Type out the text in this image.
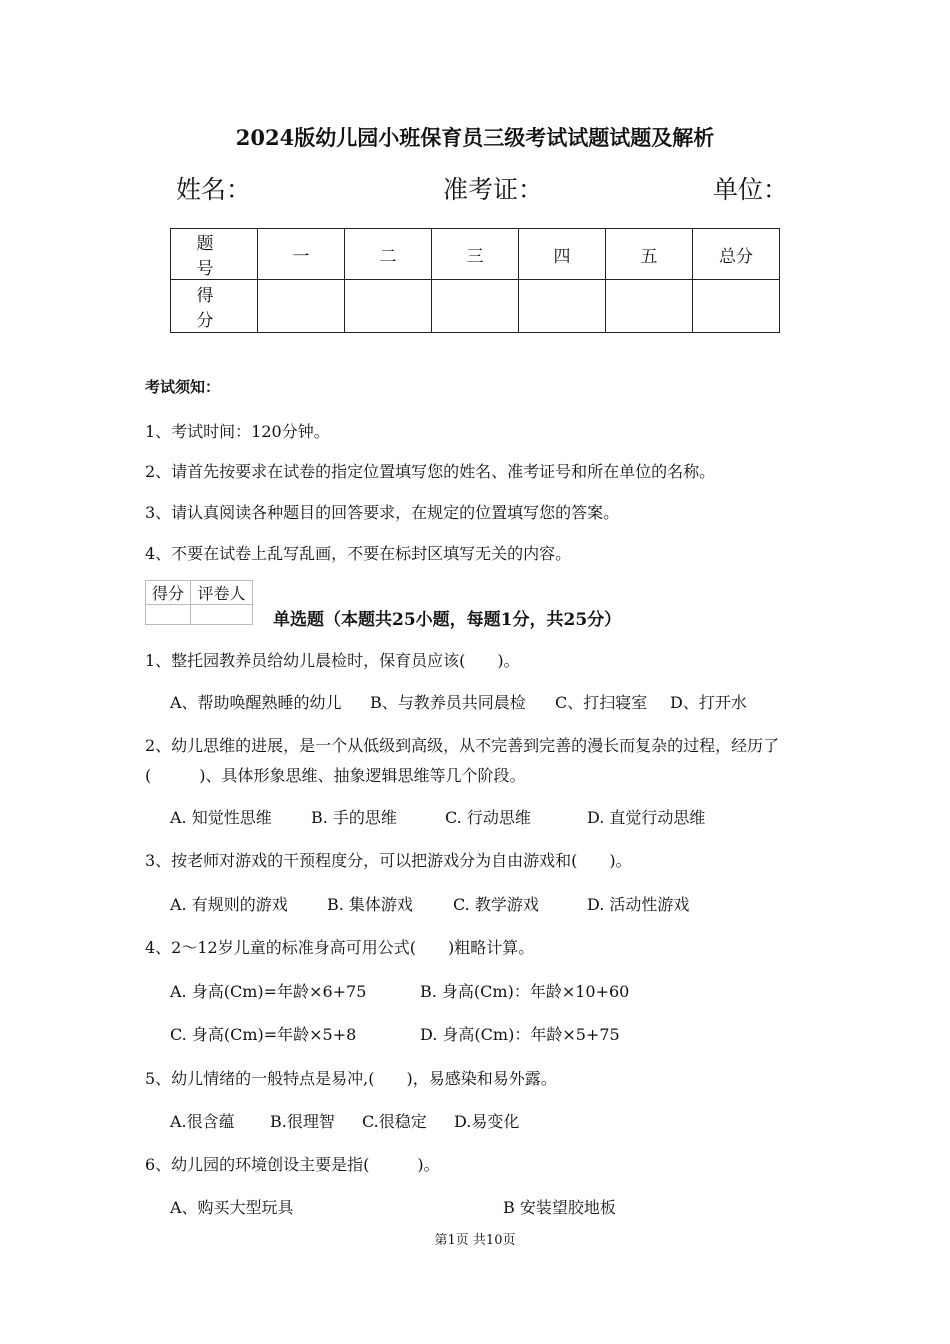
2024版幼儿园小班保育员三级考试试题试题及解析
姓名：	准考证：	单位：
题　号	一	二	三	四	五	总分
得　分						
考试须知：
1、考试时间：120分钟。
2、请首先按要求在试卷的指定位置填写您的姓名、准考证号和所在单位的名称。
3、请认真阅读各种题目的回答要求，在规定的位置填写您的答案。
4、不要在试卷上乱写乱画，不要在标封区填写无关的内容。
得分	评卷人

单选题（本题共25小题，每题1分，共25分）
1、整托园教养员给幼儿晨检时，保育员应该(　　)。
A、帮助唤醒熟睡的幼儿 B、与教养员共同晨检 C、打扫寝室 D、打开水
2、幼儿思维的进展，是一个从低级到高级，从不完善到完善的漫长而复杂的过程，经历了
(　　　)、具体形象思维、抽象逻辑思维等几个阶段。
A. 知觉性思维 B. 手的思维	C. 行动思维	D. 直觉行动思维
3、按老师对游戏的干预程度分，可以把游戏分为自由游戏和(　　)。
A. 有规则的游戏 B. 集体游戏	C. 教学游戏	D. 活动性游戏
4、2～12岁儿童的标准身高可用公式(　　)粗略计算。
A. 身高(Cm)=年龄×6+75	B. 身高(Cm)：年龄×10+60
C. 身高(Cm)=年龄×5+8	D. 身高(Cm)：年龄×5+75
5、幼儿情绪的一般特点是易冲,(　　)，易感染和易外露。
A.很含蕴 B.很理智 C.很稳定 D.易变化
6、幼儿园的环境创设主要是指(　　　)。
A、购买大型玩具	B 安装望胶地板
第1页 共10页
